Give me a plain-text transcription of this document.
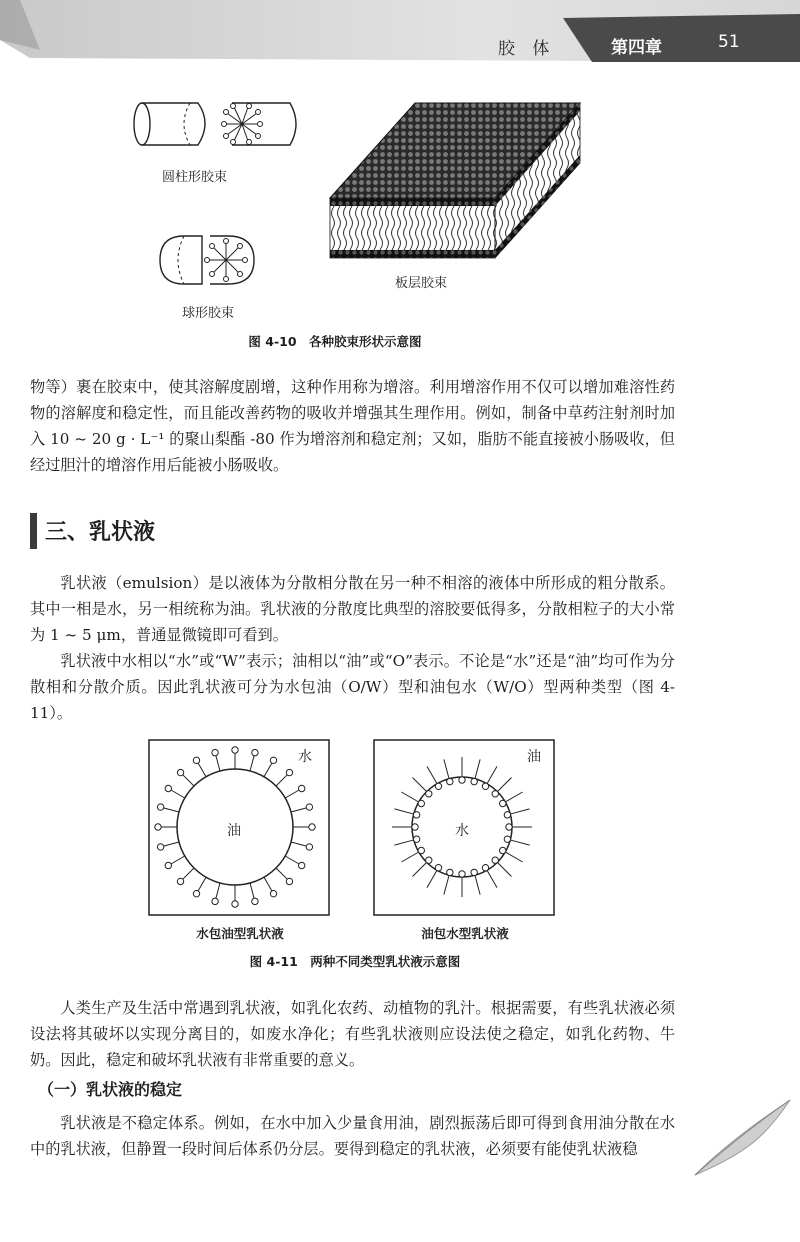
胶 体	第四章	51
圆柱形胶束
球形胶束
板层胶束
图 4-10　各种胶束形状示意图

物等）裹在胶束中，使其溶解度剧增，这种作用称为增溶。利用增溶作用不仅可以增加难溶性药物的溶解度和稳定性，而且能改善药物的吸收并增强其生理作用。例如，制备中草药注射剂时加入 10 ~ 20 g · L⁻¹ 的聚山梨酯 -80 作为增溶剂和稳定剂；又如，脂肪不能直接被小肠吸收，但经过胆汁的增溶作用后能被小肠吸收。

三、乳状液

乳状液（emulsion）是以液体为分散相分散在另一种不相溶的液体中所形成的粗分散系。其中一相是水，另一相统称为油。乳状液的分散度比典型的溶胶要低得多，分散相粒子的大小常为 1 ~ 5 μm，普通显微镜即可看到。

乳状液中水相以“水”或“W”表示；油相以“油”或“O”表示。不论是“水”还是“油”均可作为分散相和分散介质。因此乳状液可分为水包油（O/W）型和油包水（W/O）型两种类型（图 4-11）。

水
油
油
水
水包油型乳状液	油包水型乳状液
图 4-11　两种不同类型乳状液示意图

人类生产及生活中常遇到乳状液，如乳化农药、动植物的乳汁。根据需要，有些乳状液必须设法将其破坏以实现分离目的，如废水净化；有些乳状液则应设法使之稳定，如乳化药物、牛奶。因此，稳定和破坏乳状液有非常重要的意义。

（一）乳状液的稳定

乳状液是不稳定体系。例如，在水中加入少量食用油，剧烈振荡后即可得到食用油分散在水中的乳状液，但静置一段时间后体系仍分层。要得到稳定的乳状液，必须要有能使乳状液稳
